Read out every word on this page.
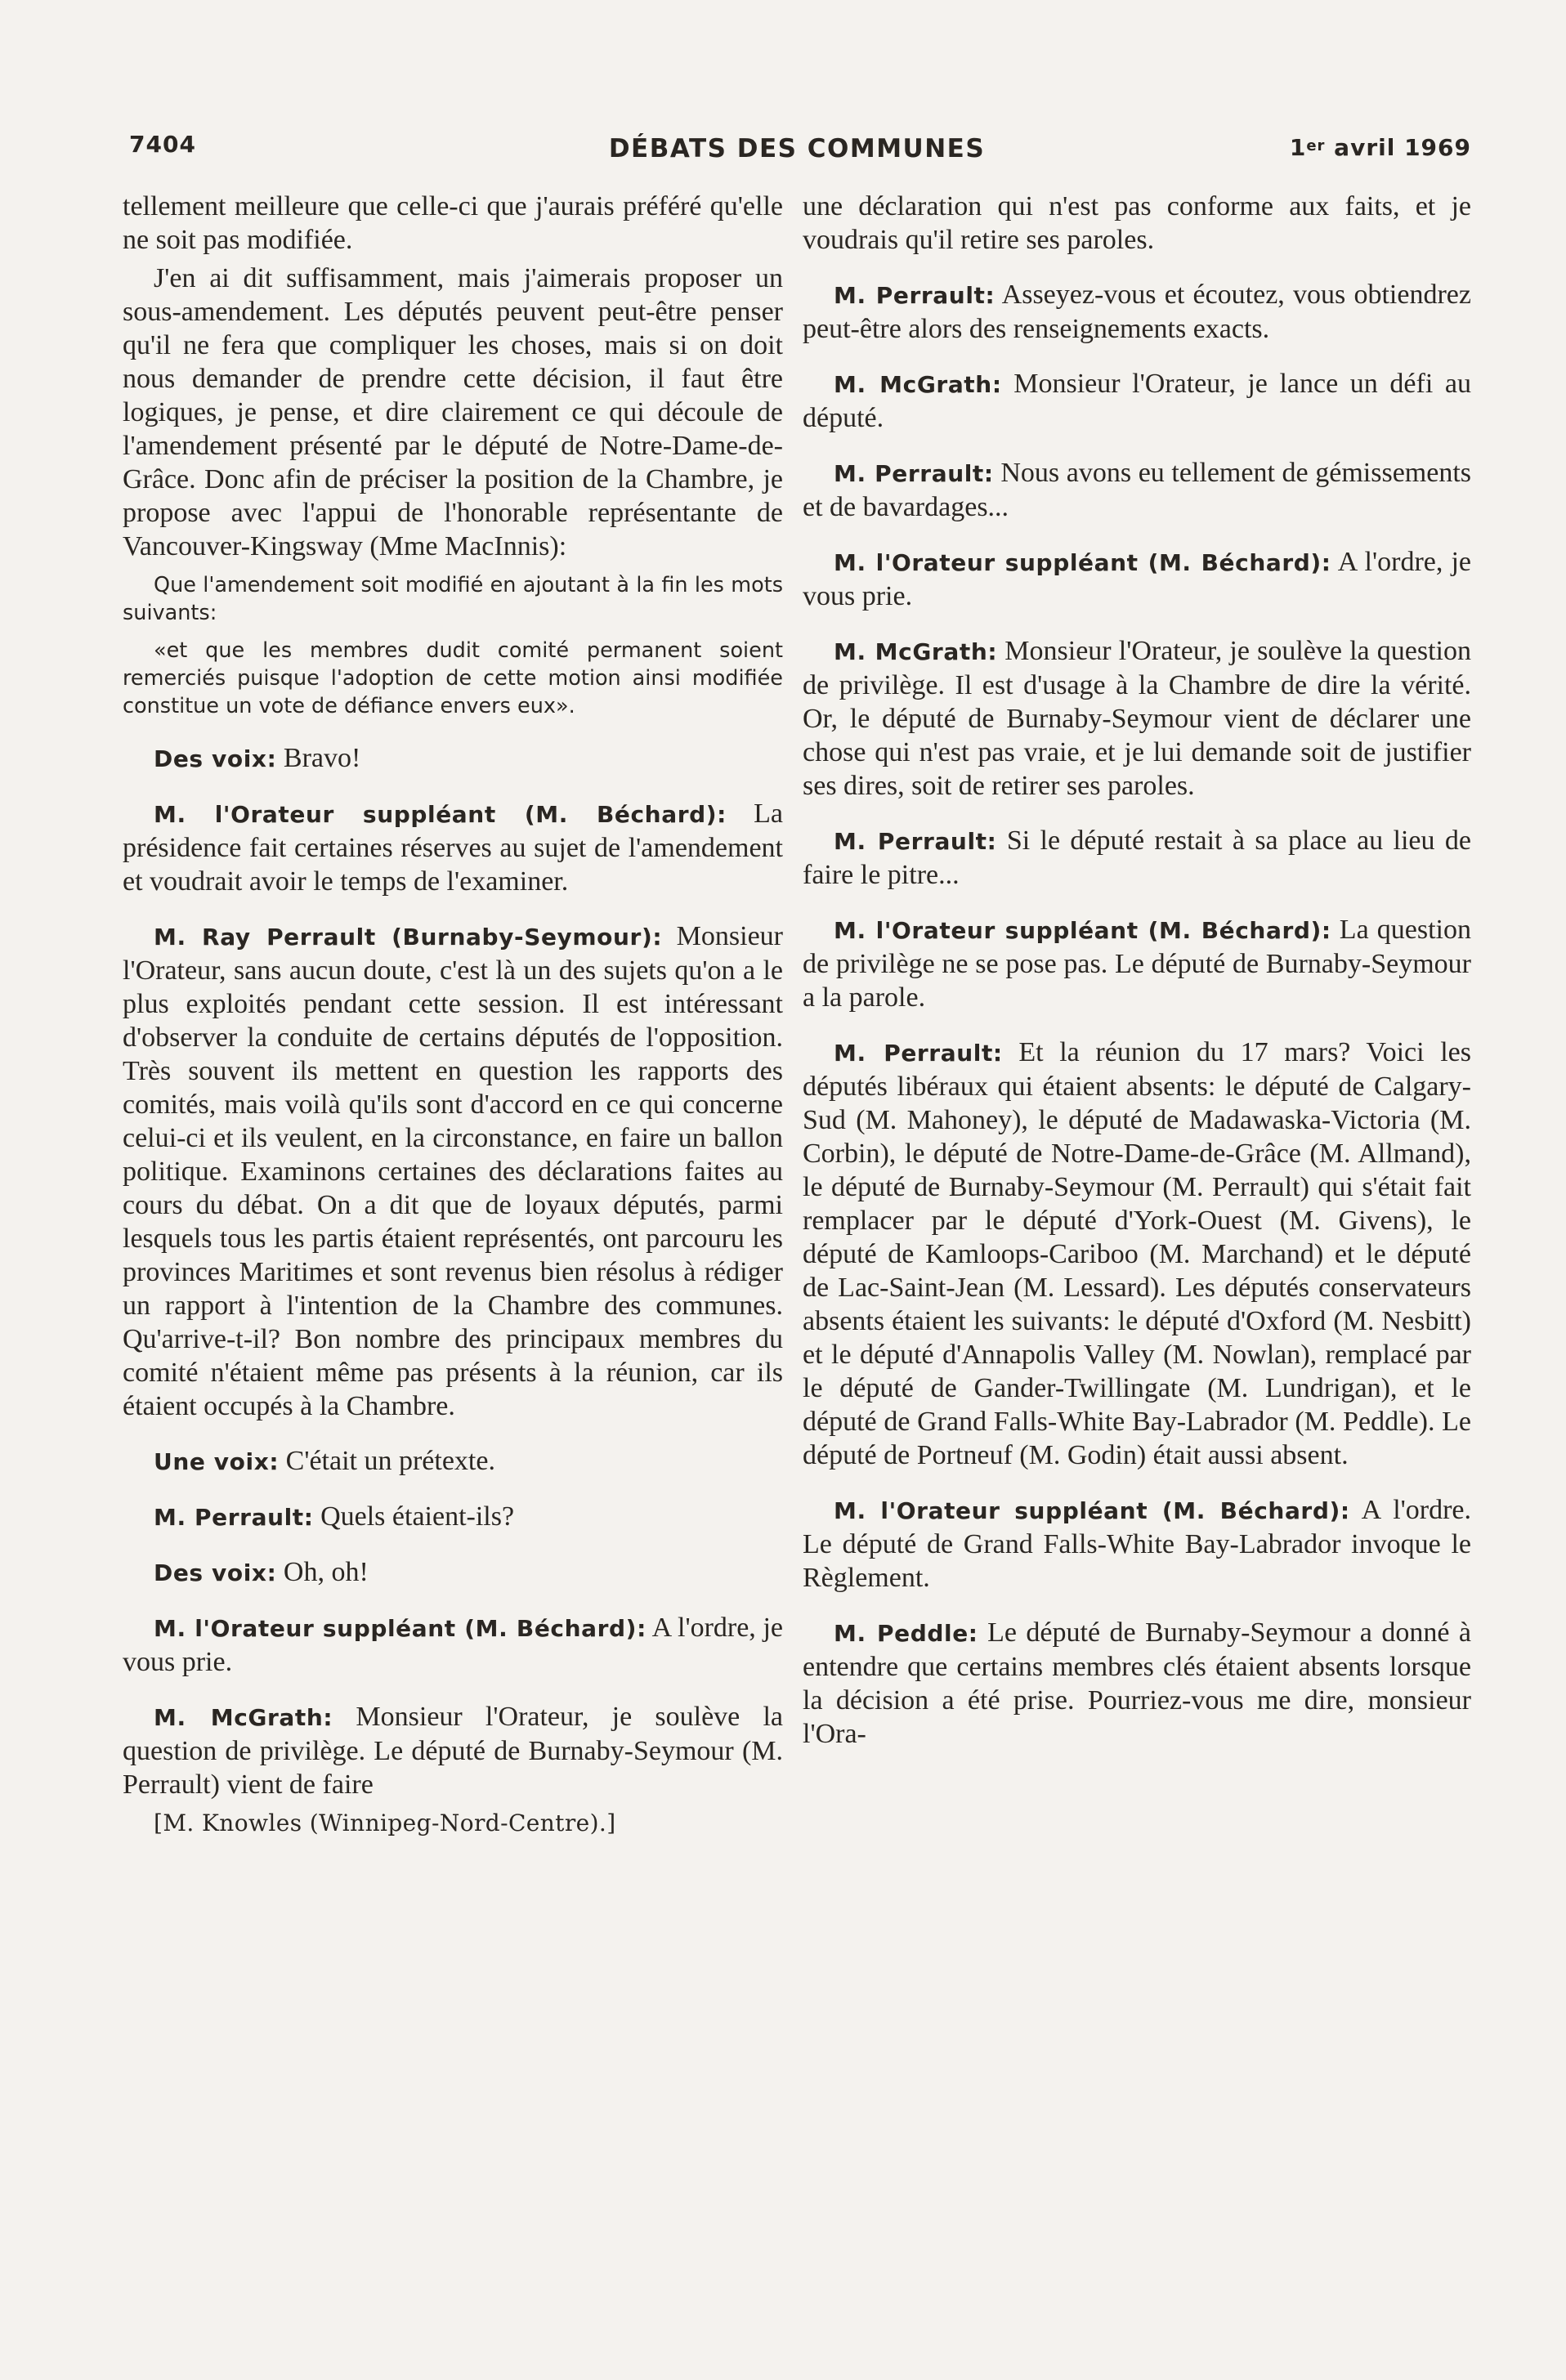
7404	DÉBATS DES COMMUNES	1er avril 1969

tellement meilleure que celle-ci que j'aurais préféré qu'elle ne soit pas modifiée.

J'en ai dit suffisamment, mais j'aimerais proposer un sous-amendement. Les députés peuvent peut-être penser qu'il ne fera que compliquer les choses, mais si on doit nous demander de prendre cette décision, il faut être logiques, je pense, et dire clairement ce qui découle de l'amendement présenté par le député de Notre-Dame-de-Grâce. Donc afin de préciser la position de la Chambre, je propose avec l'appui de l'honorable représentante de Vancouver-Kingsway (Mme MacInnis):

Que l'amendement soit modifié en ajoutant à la fin les mots suivants:

«et que les membres dudit comité permanent soient remerciés puisque l'adoption de cette motion ainsi modifiée constitue un vote de défiance envers eux».

Des voix: Bravo!

M. l'Orateur suppléant (M. Béchard): La présidence fait certaines réserves au sujet de l'amendement et voudrait avoir le temps de l'examiner.

M. Ray Perrault (Burnaby-Seymour): Monsieur l'Orateur, sans aucun doute, c'est là un des sujets qu'on a le plus exploités pendant cette session. Il est intéressant d'observer la conduite de certains députés de l'opposition. Très souvent ils mettent en question les rapports des comités, mais voilà qu'ils sont d'accord en ce qui concerne celui-ci et ils veulent, en la circonstance, en faire un ballon politique. Examinons certaines des déclarations faites au cours du débat. On a dit que de loyaux députés, parmi lesquels tous les partis étaient représentés, ont parcouru les provinces Maritimes et sont revenus bien résolus à rédiger un rapport à l'intention de la Chambre des communes. Qu'arrive-t-il? Bon nombre des principaux membres du comité n'étaient même pas présents à la réunion, car ils étaient occupés à la Chambre.

Une voix: C'était un prétexte.

M. Perrault: Quels étaient-ils?

Des voix: Oh, oh!

M. l'Orateur suppléant (M. Béchard): A l'ordre, je vous prie.

M. McGrath: Monsieur l'Orateur, je soulève la question de privilège. Le député de Burnaby-Seymour (M. Perrault) vient de faire

[M. Knowles (Winnipeg-Nord-Centre).]

une déclaration qui n'est pas conforme aux faits, et je voudrais qu'il retire ses paroles.

M. Perrault: Asseyez-vous et écoutez, vous obtiendrez peut-être alors des renseignements exacts.

M. McGrath: Monsieur l'Orateur, je lance un défi au député.

M. Perrault: Nous avons eu tellement de gémissements et de bavardages...

M. l'Orateur suppléant (M. Béchard): A l'ordre, je vous prie.

M. McGrath: Monsieur l'Orateur, je soulève la question de privilège. Il est d'usage à la Chambre de dire la vérité. Or, le député de Burnaby-Seymour vient de déclarer une chose qui n'est pas vraie, et je lui demande soit de justifier ses dires, soit de retirer ses paroles.

M. Perrault: Si le député restait à sa place au lieu de faire le pitre...

M. l'Orateur suppléant (M. Béchard): La question de privilège ne se pose pas. Le député de Burnaby-Seymour a la parole.

M. Perrault: Et la réunion du 17 mars? Voici les députés libéraux qui étaient absents: le député de Calgary-Sud (M. Mahoney), le député de Madawaska-Victoria (M. Corbin), le député de Notre-Dame-de-Grâce (M. Allmand), le député de Burnaby-Seymour (M. Perrault) qui s'était fait remplacer par le député d'York-Ouest (M. Givens), le député de Kamloops-Cariboo (M. Marchand) et le député de Lac-Saint-Jean (M. Lessard). Les députés conservateurs absents étaient les suivants: le député d'Oxford (M. Nesbitt) et le député d'Annapolis Valley (M. Nowlan), remplacé par le député de Gander-Twillingate (M. Lundrigan), et le député de Grand Falls-White Bay-Labrador (M. Peddle). Le député de Portneuf (M. Godin) était aussi absent.

M. l'Orateur suppléant (M. Béchard): A l'ordre. Le député de Grand Falls-White Bay-Labrador invoque le Règlement.

M. Peddle: Le député de Burnaby-Seymour a donné à entendre que certains membres clés étaient absents lorsque la décision a été prise. Pourriez-vous me dire, monsieur l'Ora-
